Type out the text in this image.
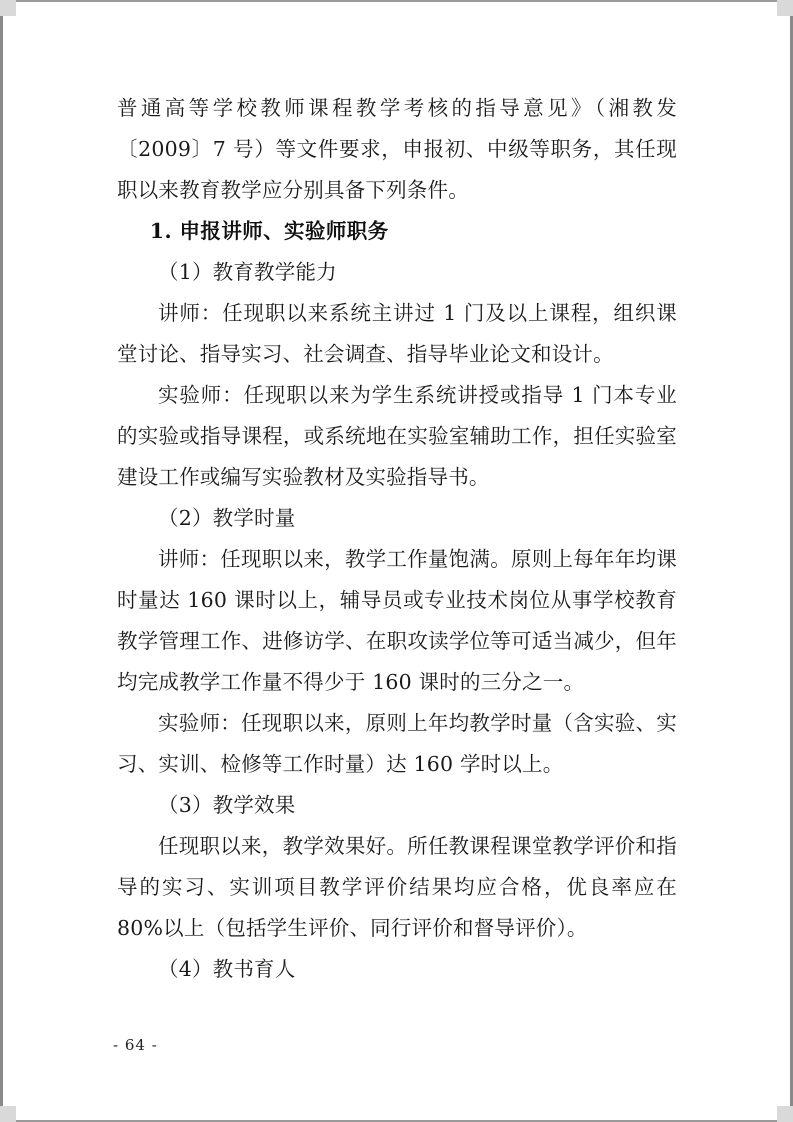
普通高等学校教师课程教学考核的指导意见》（湘教发〔2009〕7 号）等文件要求，申报初、中级等职务，其任现职以来教育教学应分别具备下列条件。

1. 申报讲师、实验师职务

（1）教育教学能力

讲师：任现职以来系统主讲过 1 门及以上课程，组织课堂讨论、指导实习、社会调查、指导毕业论文和设计。

实验师：任现职以来为学生系统讲授或指导 1 门本专业的实验或指导课程，或系统地在实验室辅助工作，担任实验室建设工作或编写实验教材及实验指导书。

（2）教学时量

讲师：任现职以来，教学工作量饱满。原则上每年年均课时量达 160 课时以上，辅导员或专业技术岗位从事学校教育教学管理工作、进修访学、在职攻读学位等可适当减少，但年均完成教学工作量不得少于 160 课时的三分之一。

实验师：任现职以来，原则上年均教学时量（含实验、实习、实训、检修等工作时量）达 160 学时以上。

（3）教学效果

任现职以来，教学效果好。所任教课程课堂教学评价和指导的实习、实训项目教学评价结果均应合格，优良率应在 80%以上（包括学生评价、同行评价和督导评价）。

（4）教书育人

- 64 -
